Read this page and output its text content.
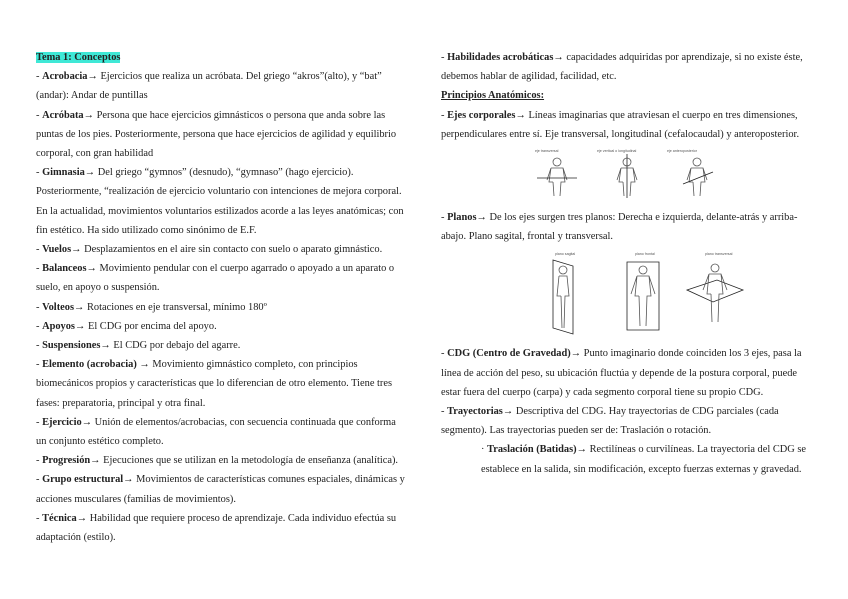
Tema 1: Conceptos

- Acrobacia→ Ejercicios que realiza un acróbata. Del griego “akros”(alto), y “bat” (andar): Andar de puntillas

- Acróbata→ Persona que hace ejercicios gimnásticos o persona que anda sobre las puntas de los pies. Posteriormente, persona que hace ejercicios de agilidad y equilibrio corporal, con gran habilidad

- Gimnasia→ Del griego “gymnos” (desnudo), “gymnaso” (hago ejercicio). Posteriormente, “realización de ejercicio voluntario con intenciones de mejora corporal. En la actualidad, movimientos voluntarios estilizados acorde a las leyes anatómicas; con fin estético. Ha sido utilizado como sinónimo de E.F.

- Vuelos→ Desplazamientos en el aire sin contacto con suelo o aparato gimnástico.

- Balanceos→ Movimiento pendular con el cuerpo agarrado o apoyado a un aparato o suelo, en apoyo o suspensión.

- Volteos→ Rotaciones en eje transversal, mínimo 180º

- Apoyos→ El CDG por encima del apoyo.

- Suspensiones→ El CDG por debajo del agarre.

- Elemento (acrobacia) → Movimiento gimnástico completo, con principios biomecánicos propios y características que lo diferencian de otro elemento. Tiene tres fases: preparatoria, principal y otra final.

- Ejercicio→ Unión de elementos/acrobacias, con secuencia continuada que conforma un conjunto estético completo.

- Progresión→ Ejecuciones que se utilizan en la metodología de enseñanza (analítica).

- Grupo estructural→ Movimientos de características comunes espaciales, dinámicas y acciones musculares (familias de movimientos).

- Técnica→ Habilidad que requiere proceso de aprendizaje. Cada individuo efectúa su adaptación (estilo).

- Habilidades acrobáticas→ capacidades adquiridas por aprendizaje, si no existe éste, debemos hablar de agilidad, facilidad, etc.

Principios Anatómicos:

- Ejes corporales→ Líneas imaginarias que atraviesan el cuerpo en tres dimensiones, perpendiculares entre sí. Eje transversal, longitudinal (cefalocaudal) y anteroposterior.

eje transversal	eje vertical o longitudinal	eje anteroposterior

- Planos→ De los ejes surgen tres planos: Derecha e izquierda, delante-atrás y arriba-abajo. Plano sagital, frontal y transversal.

plano sagital	plano frontal	plano transversal

- CDG (Centro de Gravedad)→ Punto imaginario donde coinciden los 3 ejes, pasa la línea de acción del peso, su ubicación fluctúa y depende de la postura corporal, puede estar fuera del cuerpo (carpa) y cada segmento corporal tiene su propio CDG.

- Trayectorias→ Descriptiva del CDG. Hay trayectorias de CDG parciales (cada segmento). Las trayectorias pueden ser de: Traslación o rotación.

· Traslación (Batidas)→ Rectilíneas o curvilíneas. La trayectoria del CDG se establece en la salida, sin modificación, excepto fuerzas externas y gravedad.
